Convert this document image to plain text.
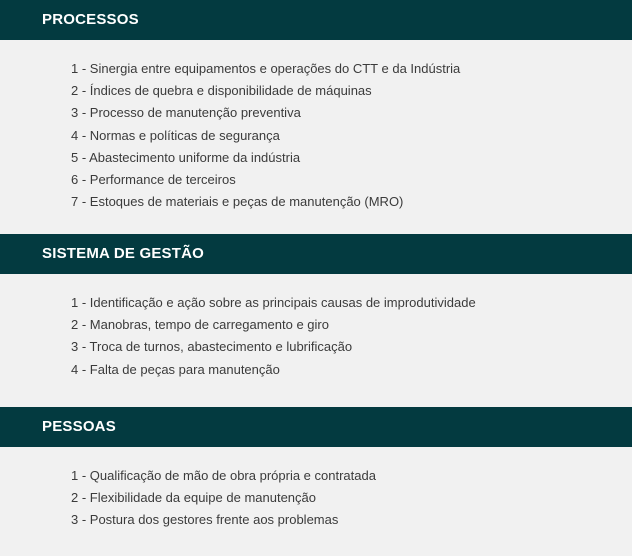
PROCESSOS
1 - Sinergia entre equipamentos e operações do CTT e da Indústria
2 - Índices de quebra e disponibilidade de máquinas
3 - Processo de manutenção preventiva
4 - Normas e políticas de segurança
5 - Abastecimento uniforme da indústria
6 - Performance de terceiros
7 - Estoques de materiais e peças de manutenção (MRO)
SISTEMA DE GESTÃO
1 - Identificação e ação sobre as principais causas de improdutividade
2 - Manobras, tempo de carregamento e giro
3 - Troca de turnos, abastecimento e lubrificação
4 - Falta de peças para manutenção
PESSOAS
1 - Qualificação de mão de obra própria e contratada
2 - Flexibilidade da equipe de manutenção
3 - Postura dos gestores frente aos problemas
